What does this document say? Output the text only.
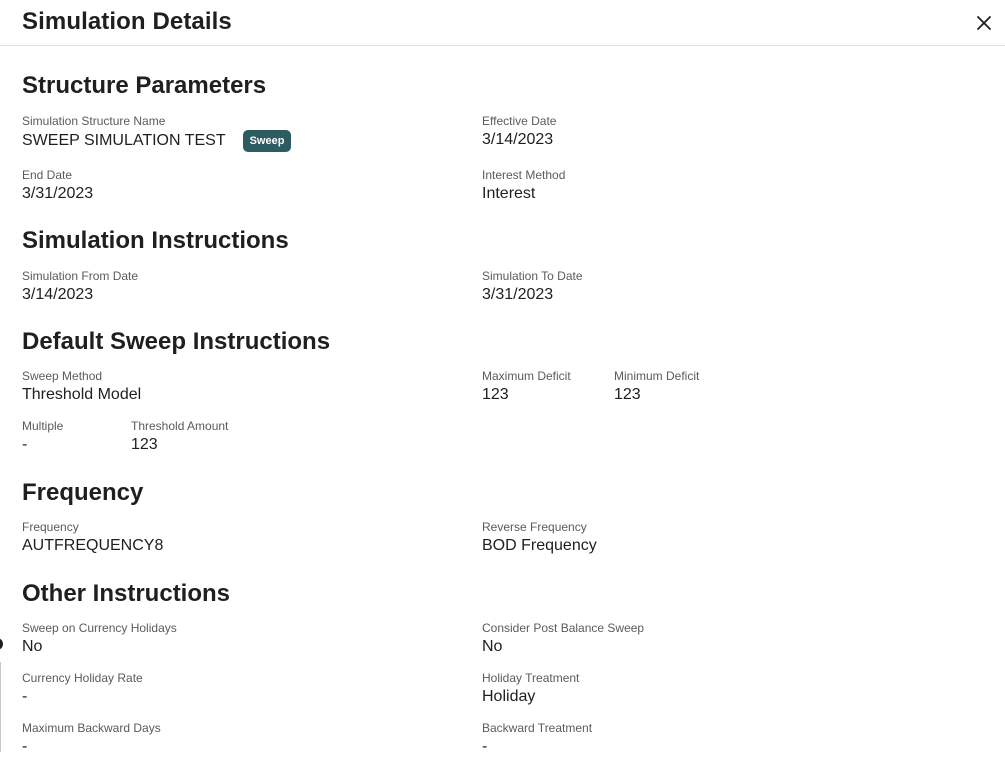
Simulation Details
Structure Parameters
Simulation Structure Name
SWEEP SIMULATION TEST	Sweep
Effective Date
3/14/2023
End Date
3/31/2023
Interest Method
Interest
Simulation Instructions
Simulation From Date
3/14/2023
Simulation To Date
3/31/2023
Default Sweep Instructions
Sweep Method
Threshold Model
Maximum Deficit
123
Minimum Deficit
123
Multiple
-
Threshold Amount
123
Frequency
Frequency
AUTFREQUENCY8
Reverse Frequency
BOD Frequency
Other Instructions
Sweep on Currency Holidays
No
Consider Post Balance Sweep
No
Currency Holiday Rate
-
Holiday Treatment
Holiday
Maximum Backward Days
-
Backward Treatment
-
